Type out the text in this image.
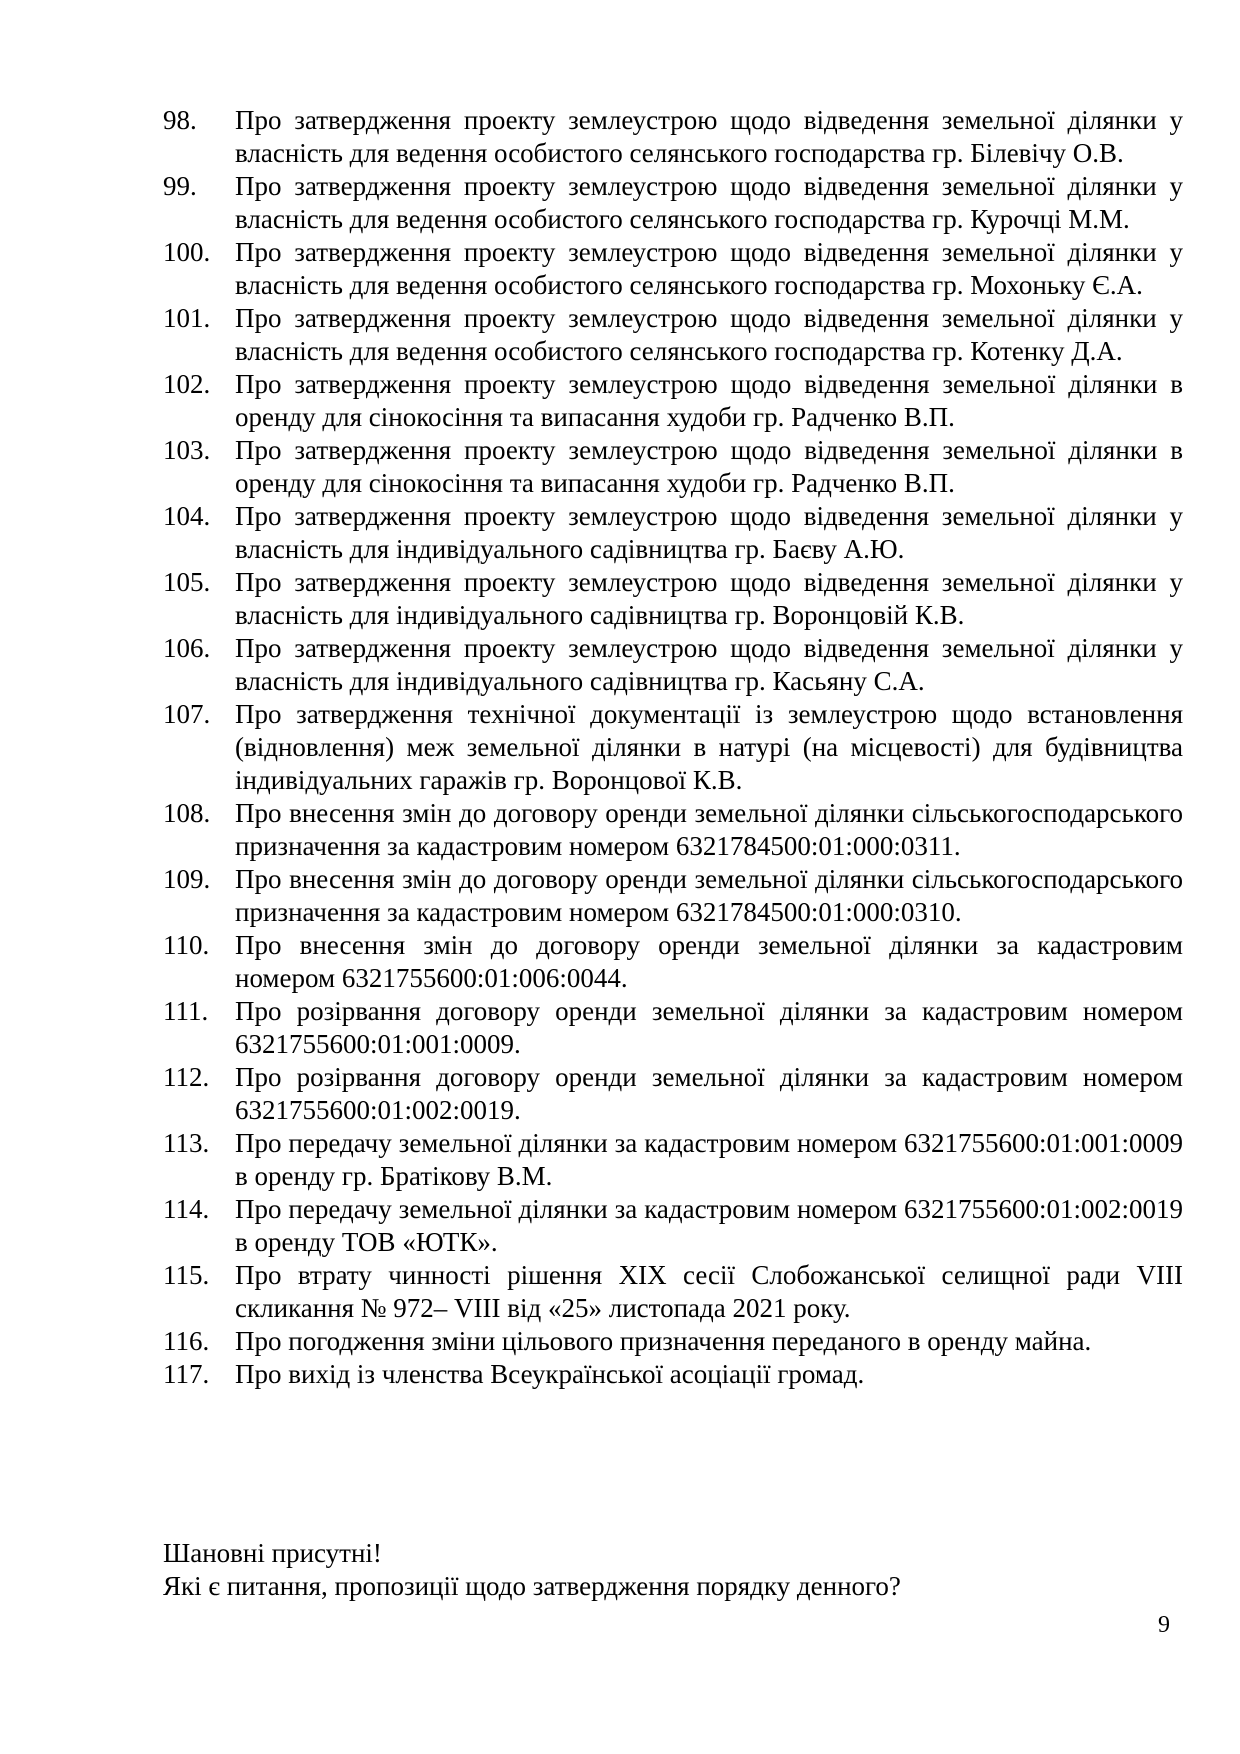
98.	Про затвердження проекту землеустрою щодо відведення земельної ділянки у власність для ведення особистого селянського господарства гр. Білевічу О.В.
99.	Про затвердження проекту землеустрою щодо відведення земельної ділянки у власність для ведення особистого селянського господарства гр. Курочці М.М.
100. Про затвердження проекту землеустрою щодо відведення земельної ділянки у власність для ведення особистого селянського господарства гр. Мохоньку Є.А.
101. Про затвердження проекту землеустрою щодо відведення земельної ділянки у власність для ведення особистого селянського господарства гр. Котенку Д.А.
102. Про затвердження проекту землеустрою щодо відведення земельної ділянки в оренду для сінокосіння та випасання худоби гр. Радченко В.П.
103. Про затвердження проекту землеустрою щодо відведення земельної ділянки в оренду для сінокосіння та випасання худоби гр. Радченко В.П.
104. Про затвердження проекту землеустрою щодо відведення земельної ділянки у власність для індивідуального садівництва гр. Баєву А.Ю.
105. Про затвердження проекту землеустрою щодо відведення земельної ділянки у власність для індивідуального садівництва гр. Воронцовій К.В.
106. Про затвердження проекту землеустрою щодо відведення земельної ділянки у власність для індивідуального садівництва гр. Касьяну С.А.
107. Про затвердження технічної документації із землеустрою щодо встановлення (відновлення) меж земельної ділянки в натурі (на місцевості) для будівництва індивідуальних гаражів гр. Воронцової К.В.
108. Про внесення змін до договору оренди земельної ділянки сільськогосподарського призначення за кадастровим номером 6321784500:01:000:0311.
109. Про внесення змін до договору оренди земельної ділянки сільськогосподарського призначення за кадастровим номером 6321784500:01:000:0310.
110. Про внесення змін до договору оренди земельної ділянки за кадастровим номером 6321755600:01:006:0044.
111. Про розірвання договору оренди земельної ділянки за кадастровим номером 6321755600:01:001:0009.
112. Про розірвання договору оренди земельної ділянки за кадастровим номером 6321755600:01:002:0019.
113. Про передачу земельної ділянки за кадастровим номером 6321755600:01:001:0009 в оренду гр. Братікову В.М.
114. Про передачу земельної ділянки за кадастровим номером 6321755600:01:002:0019 в оренду ТОВ «ЮТК».
115. Про втрату чинності рішення XIX сесії Слобожанської селищної ради VIII скликання № 972– VIII від «25» листопада 2021 року.
116. Про погодження зміни цільового призначення переданого в оренду майна.
117. Про вихід із членства Всеукраїнської асоціації громад.
Шановні присутні!
Які є питання, пропозиції щодо затвердження порядку денного?
9
